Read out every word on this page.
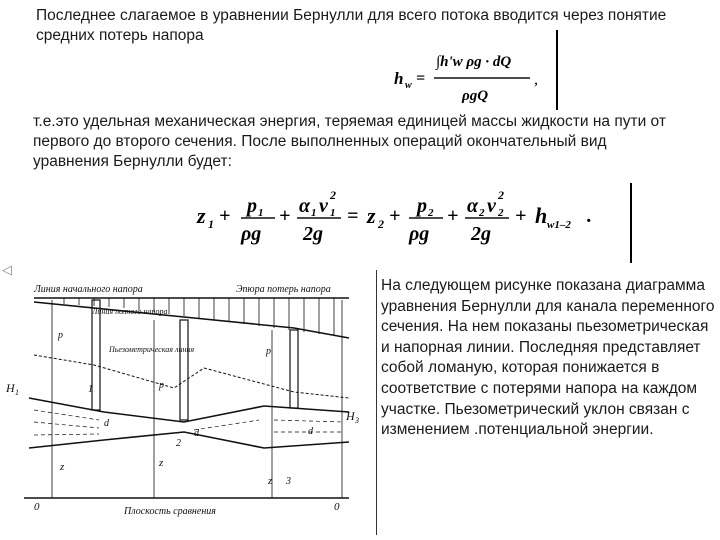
Последнее слагаемое в уравнении Бернулли для всего потока вводится через понятие средних потерь напора
т.е.это удельная механическая энергия, теряемая единицей массы жидкости на пути от первого до второго сечения. После выполненных операций окончательный вид уравнения Бернулли будет:
На следующем рисунке показана диаграмма уравнения Бернулли для канала переменного сечения. На нем показаны пьезометрическая и напорная линии. Последняя представляет собой ломаную, которая понижается в соответствие с потерями напора на каждом участке. Пьезометрический уклон связан с изменением .потенциальной энергии.
◁
h w =
∫h'w ρg · dQ
ρgQ
,
z 1 + p 1
ρg
+ α 1 v 1
2
2g
= z 2 + p 2
ρg
+ α 2 v 2
2
2g
+ h w1–2 .
Линия начального напора	Эпюра потерь напора
Линия полного напора
Пьезометрическая линия
Плоскость сравнения
H 1
H 3
0	0
1
2
3
z	z
z
p
p
p
d
d	d
